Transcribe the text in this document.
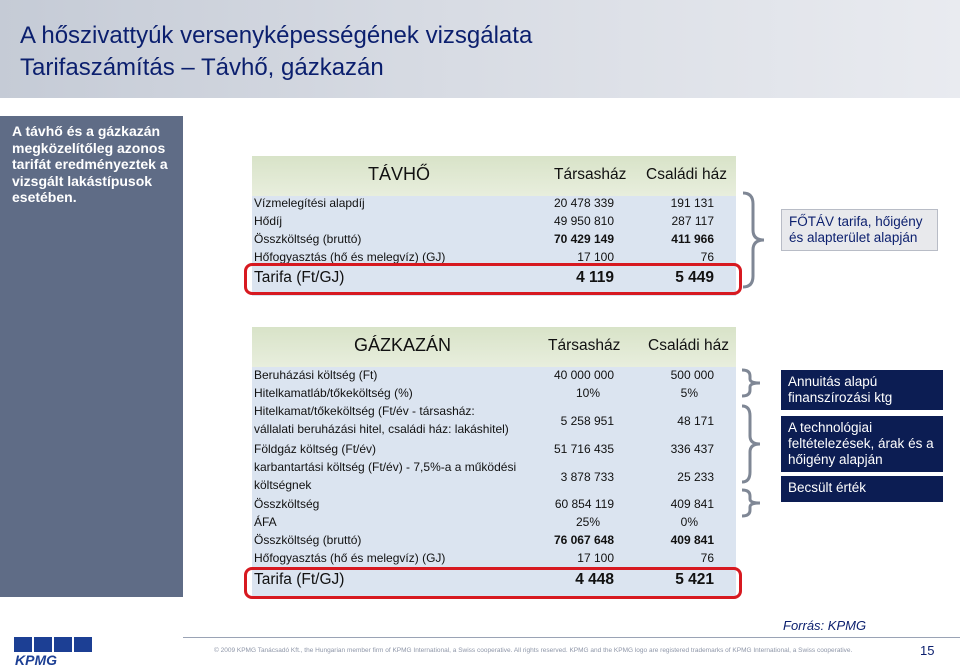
A hőszivattyúk versenyképességének vizsgálata
Tarifaszámítás – Távhő, gázkazán
A távhő és a gázkazán megközelítőleg azonos tarifát eredményeztek a vizsgált lakástípusok esetében.
TÁVHŐ	Társasház Családi ház
Vízmelegítési alapdíj	20 478 339	191 131
Hődíj	49 950 810	287 117
Összköltség (bruttó)	70 429 149	411 966
Hőfogyasztás (hő és melegvíz) (GJ)	17 100	76
Tarifa (Ft/GJ)	4 119	5 449
GÁZKAZÁN	Társasház Családi ház
Beruházási költség (Ft)	40 000 000	500 000
Hitelkamatláb/tőkeköltség (%)	10%	5%
Hitelkamat/tőkeköltség (Ft/év - társasház:
vállalati beruházási hitel, családi ház: lakáshitel)
5 258 951	48 171
Földgáz költség (Ft/év)	51 716 435	336 437
karbantartási költség (Ft/év) - 7,5%-a a működési
költségnek
3 878 733	25 233
Összköltség	60 854 119	409 841
ÁFA	25%	0%
Összköltség (bruttó)	76 067 648	409 841
Hőfogyasztás (hő és melegvíz) (GJ)	17 100	76
Tarifa (Ft/GJ)	4 448	5 421
FŐTÁV tarifa, hőigény és alapterület alapján
Annuitás alapú finanszírozási ktg
A technológiai feltételezések, árak és a hőigény alapján
Becsült érték
Forrás: KPMG
KPMG
© 2009 KPMG Tanácsadó Kft., the Hungarian member firm of KPMG International, a Swiss cooperative. All rights reserved. KPMG and the KPMG logo are registered trademarks of KPMG International, a Swiss cooperative.	15
